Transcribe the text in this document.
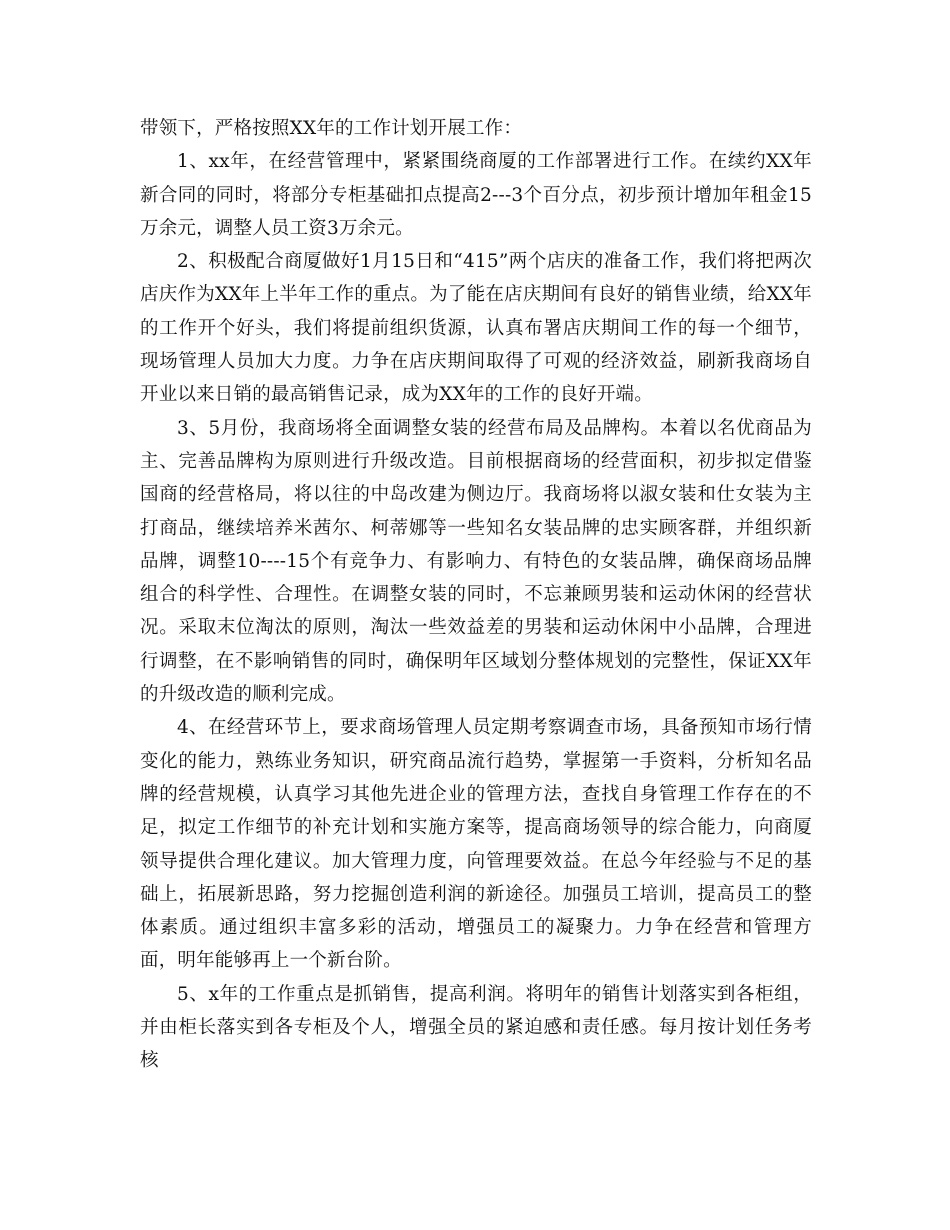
带领下，严格按照XX年的工作计划开展工作：

1、xx年，在经营管理中，紧紧围绕商厦的工作部署进行工作。在续约XX年新合同的同时，将部分专柜基础扣点提高2---3个百分点，初步预计增加年租金15万余元，调整人员工资3万余元。

2、积极配合商厦做好1月15日和“415”两个店庆的准备工作，我们将把两次店庆作为XX年上半年工作的重点。为了能在店庆期间有良好的销售业绩，给XX年的工作开个好头，我们将提前组织货源，认真布署店庆期间工作的每一个细节，现场管理人员加大力度。力争在店庆期间取得了可观的经济效益，刷新我商场自开业以来日销的最高销售记录，成为XX年的工作的良好开端。

3、5月份，我商场将全面调整女装的经营布局及品牌构。本着以名优商品为主、完善品牌构为原则进行升级改造。目前根据商场的经营面积，初步拟定借鉴国商的经营格局，将以往的中岛改建为侧边厅。我商场将以淑女装和仕女装为主打商品，继续培养米茜尔、柯蒂娜等一些知名女装品牌的忠实顾客群，并组织新品牌，调整10----15个有竞争力、有影响力、有特色的女装品牌，确保商场品牌组合的科学性、合理性。在调整女装的同时，不忘兼顾男装和运动休闲的经营状况。采取末位淘汰的原则，淘汰一些效益差的男装和运动休闲中小品牌，合理进行调整，在不影响销售的同时，确保明年区域划分整体规划的完整性，保证XX年的升级改造的顺利完成。

4、在经营环节上，要求商场管理人员定期考察调查市场，具备预知市场行情变化的能力，熟练业务知识，研究商品流行趋势，掌握第一手资料，分析知名品牌的经营规模，认真学习其他先进企业的管理方法，查找自身管理工作存在的不足，拟定工作细节的补充计划和实施方案等，提高商场领导的综合能力，向商厦领导提供合理化建议。加大管理力度，向管理要效益。在总今年经验与不足的基础上，拓展新思路，努力挖掘创造利润的新途径。加强员工培训，提高员工的整体素质。通过组织丰富多彩的活动，增强员工的凝聚力。力争在经营和管理方面，明年能够再上一个新台阶。

5、x年的工作重点是抓销售，提高利润。将明年的销售计划落实到各柜组，并由柜长落实到各专柜及个人，增强全员的紧迫感和责任感。每月按计划任务考核
